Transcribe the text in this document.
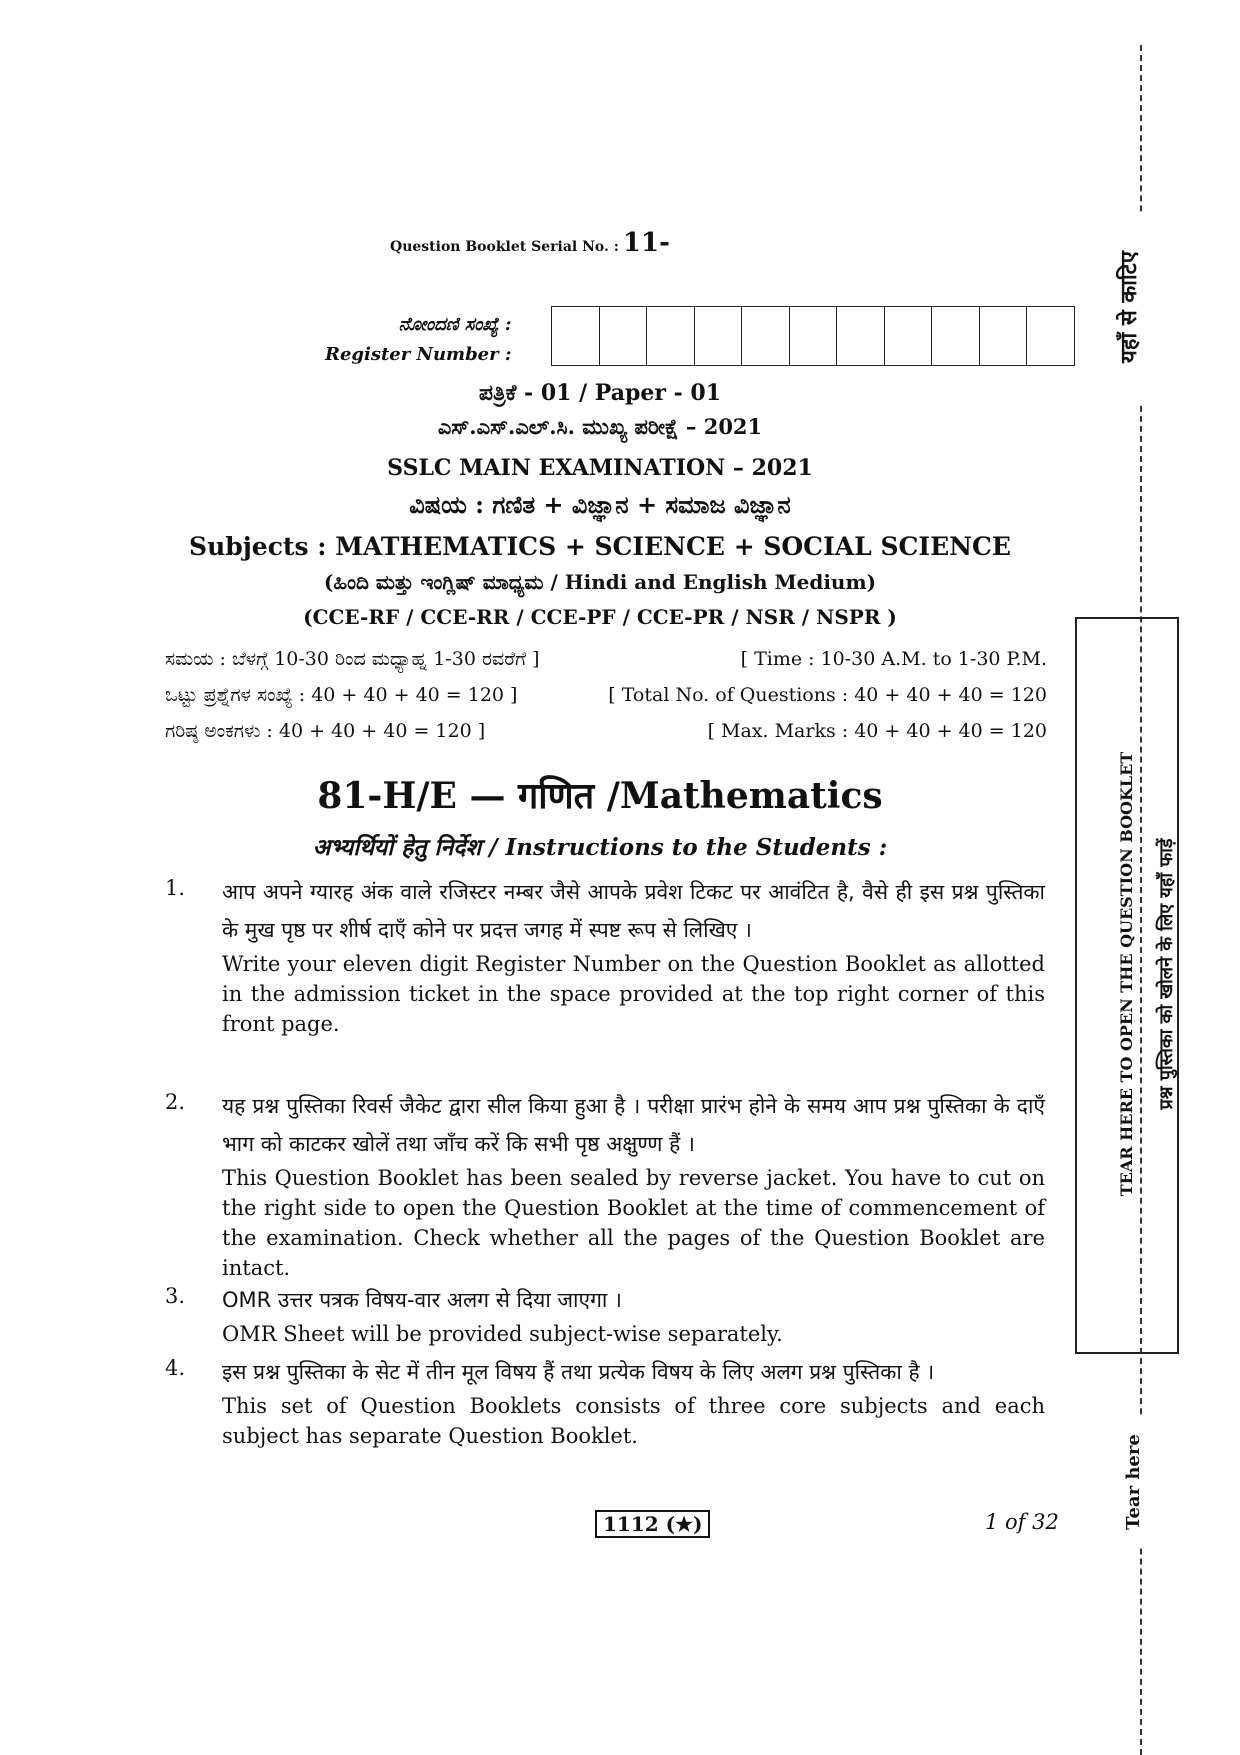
Question Booklet Serial No. : 11-
ನೋಂದಣಿ ಸಂಖ್ಯೆ :
Register Number :
ಪತ್ರಿಕೆ - 01 / Paper - 01
ಎಸ್.ಎಸ್.ಎಲ್.ಸಿ. ಮುಖ್ಯ ಪರೀಕ್ಷೆ – 2021
SSLC MAIN EXAMINATION – 2021
ವಿಷಯ : ಗಣಿತ + ವಿಜ್ಞಾನ + ಸಮಾಜ ವಿಜ್ಞಾನ
Subjects : MATHEMATICS + SCIENCE + SOCIAL SCIENCE
(ಹಿಂದಿ ಮತ್ತು ಇಂಗ್ಲಿಷ್ ಮಾಧ್ಯಮ / Hindi and English Medium)
(CCE-RF / CCE-RR / CCE-PF / CCE-PR / NSR / NSPR )
ಸಮಯ : ಬೆಳಗ್ಗೆ 10-30 ರಿಂದ ಮಧ್ಯಾಹ್ನ 1-30 ರವರೆಗೆ ]	[ Time : 10-30 A.M. to 1-30 P.M.
ಒಟ್ಟು ಪ್ರಶ್ನೆಗಳ ಸಂಖ್ಯೆ : 40 + 40 + 40 = 120 ]	[ Total No. of Questions : 40 + 40 + 40 = 120
ಗರಿಷ್ಠ ಅಂಕಗಳು : 40 + 40 + 40 = 120 ]	[ Max. Marks : 40 + 40 + 40 = 120
81-H/E — गणित /Mathematics
अभ्यर्थियों हेतु निर्देश / Instructions to the Students :
1. आप अपने ग्यारह अंक वाले रजिस्टर नम्बर जैसे आपके प्रवेश टिकट पर आवंटित है, वैसे ही इस प्रश्न पुस्तिका के मुख पृष्ठ पर शीर्ष दाएँ कोने पर प्रदत्त जगह में स्पष्ट रूप से लिखिए ।
Write your eleven digit Register Number on the Question Booklet as allotted in the admission ticket in the space provided at the top right corner of this front page.
2. यह प्रश्न पुस्तिका रिवर्स जैकेट द्वारा सील किया हुआ है । परीक्षा प्रारंभ होने के समय आप प्रश्न पुस्तिका के दाएँ भाग को काटकर खोलें तथा जाँच करें कि सभी पृष्ठ अक्षुण्ण हैं ।
This Question Booklet has been sealed by reverse jacket. You have to cut on the right side to open the Question Booklet at the time of commencement of the examination. Check whether all the pages of the Question Booklet are intact.
3. OMR उत्तर पत्रक विषय-वार अलग से दिया जाएगा ।
OMR Sheet will be provided subject-wise separately.
4. इस प्रश्न पुस्तिका के सेट में तीन मूल विषय हैं तथा प्रत्येक विषय के लिए अलग प्रश्न पुस्तिका है ।
This set of Question Booklets consists of three core subjects and each subject has separate Question Booklet.
1112 (★)	1 of 32
यहाँ से काटिए
TEAR HERE TO OPEN THE QUESTION BOOKLET प्रश्न पुस्तिका को खोलने के लिए यहाँ फाड़ें
Tear here
